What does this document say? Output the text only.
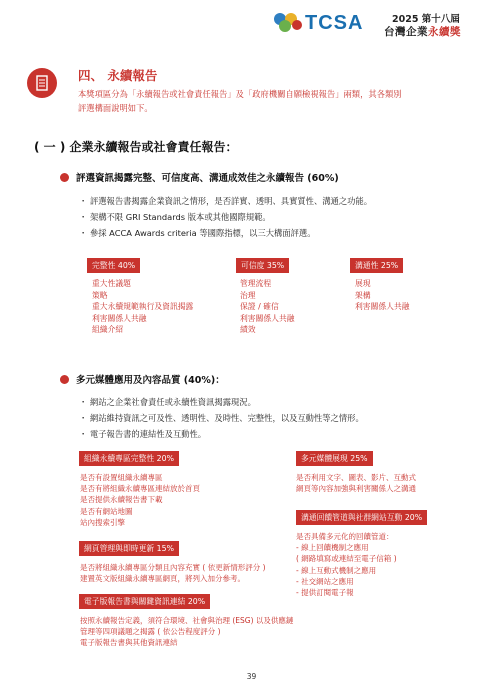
TCSA	2025 第十八屆
台灣企業永續獎
四、 永續報告
本獎項區分為「永續報告或社會責任報告」及「政府機關自願檢視報告」兩類，其各類別評選構面說明如下。
( 一 ) 企業永續報告或社會責任報告：
評選資訊揭露完整、可信度高、溝通成效佳之永續報告 (60%)
・ 評選報告書揭露企業資訊之情形，是否詳實、透明、具實質性、溝通之功能。
・ 架構不限 GRI Standards 版本或其他國際規範。
・ 參採 ACCA Awards criteria 等國際指標，以三大構面評選。
完整性 40%
重大性議題
策略
重大永續規範執行及資訊揭露
利害關係人共融
組織介紹
可信度 35%
管理流程
治理
保證 / 確信
利害關係人共融
績效
溝通性 25%
展現
架構
利害關係人共融
多元媒體應用及內容品質 (40%)：
・ 網站之企業社會責任或永續性資訊揭露現況。
・ 網站維持資訊之可及性、透明性、及時性、完整性，以及互動性等之情形。
・ 電子報告書的連結性及互動性。
組織永續專區完整性 20%
是否有設置組織永續專區
是否有將組織永續專區連結放於首頁
是否提供永續報告書下載
是否有網站地圖
站內搜索引擎
網頁管理與即時更新 15%
是否將組織永續專區分類且內容充實 ( 依更新情形評分 )
建置英文版組織永續專區網頁，將列入加分參考。
電子版報告書與關鍵資訊連結 20%
按照永續報告定義，須符合環境、社會與治理 (ESG) 以及供應鏈管理等四項議題之揭露 ( 依公告程度評分 )
電子版報告書與其他資訊連結
多元媒體展現 25%
是否利用文字、圖表、影片、互動式
網頁等內容加強與利害關係人之溝通
溝通回饋管道與社群網站互動 20%
是否具備多元化的回饋管道：
- 線上回饋機制之應用
( 網路填寫或連結至電子信箱 )
- 線上互動式機制之應用
- 社交網站之應用
- 提供訂閱電子報
39
